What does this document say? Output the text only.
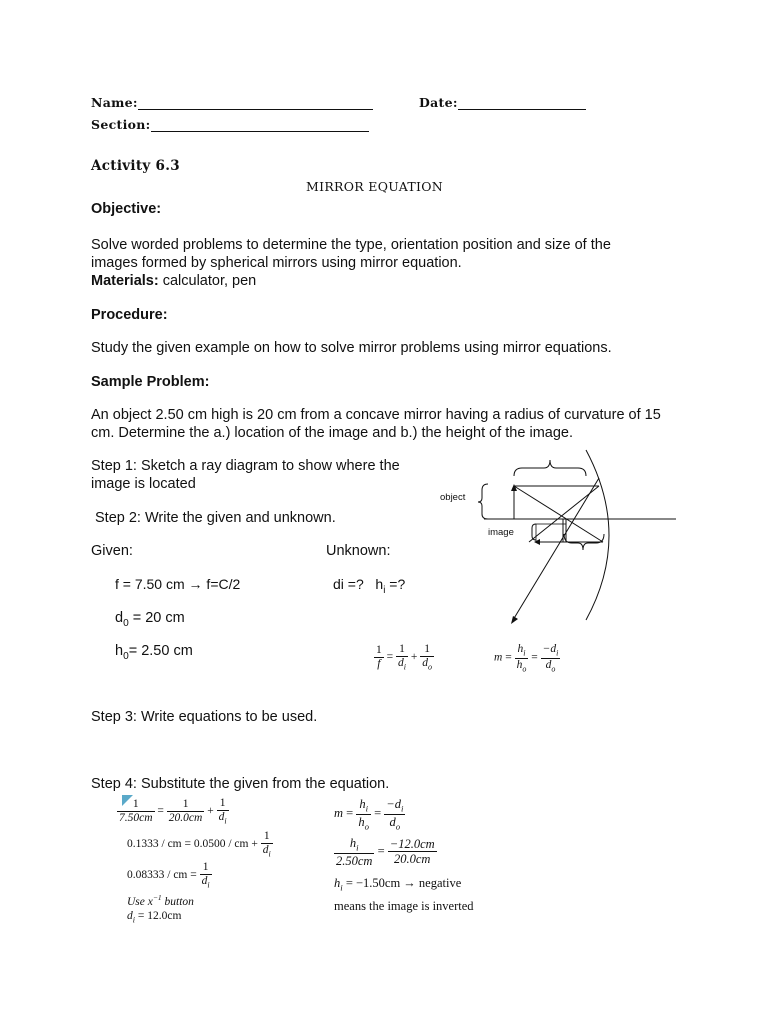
Name:	Date:
Section:
Activity 6.3
MIRROR EQUATION
Objective:
Solve worded problems to determine the type, orientation position and size of the
images formed by spherical mirrors using mirror equation.
Materials: calculator, pen
Procedure:
Study the given example on how to solve mirror problems using mirror equations.
Sample Problem:
An object 2.50 cm high is 20 cm from a concave mirror having a radius of curvature of 15
cm. Determine the a.) location of the image and b.) the height of the image.
Step 1: Sketch a ray diagram to show where the
image is located
Step 2: Write the given and unknown.
Given:	Unknown:
f = 7.50 cm → f=C/2	di =? $h_i$ =?
$d_0 = 20$ cm
$h_0= 2.50$ cm	$\frac{1}{f} = \frac{1}{d_i} + \frac{1}{d_o}$	$m = \frac{h_i}{h_o} = \frac{-d_i}{d_o}$
Step 3: Write equations to be used.
Step 4: Substitute the given from the equation.
object
image
$\frac{1}{7.50cm} = \frac{1}{20.0cm} + \frac{1}{d_i}$
0.1333 / cm = 0.0500 / cm + $\frac{1}{d_i}$
0.08333 / cm = $\frac{1}{d_i}$
Use $x^{-1}$ button
$d_i = 12.0cm$
$m = \frac{h_i}{h_o} = \frac{-d_i}{d_o}$
$\frac{h_i}{2.50cm} = \frac{-12.0cm}{20.0cm}$
$h_i = -1.50cm$ → negative
means the image is inverted
